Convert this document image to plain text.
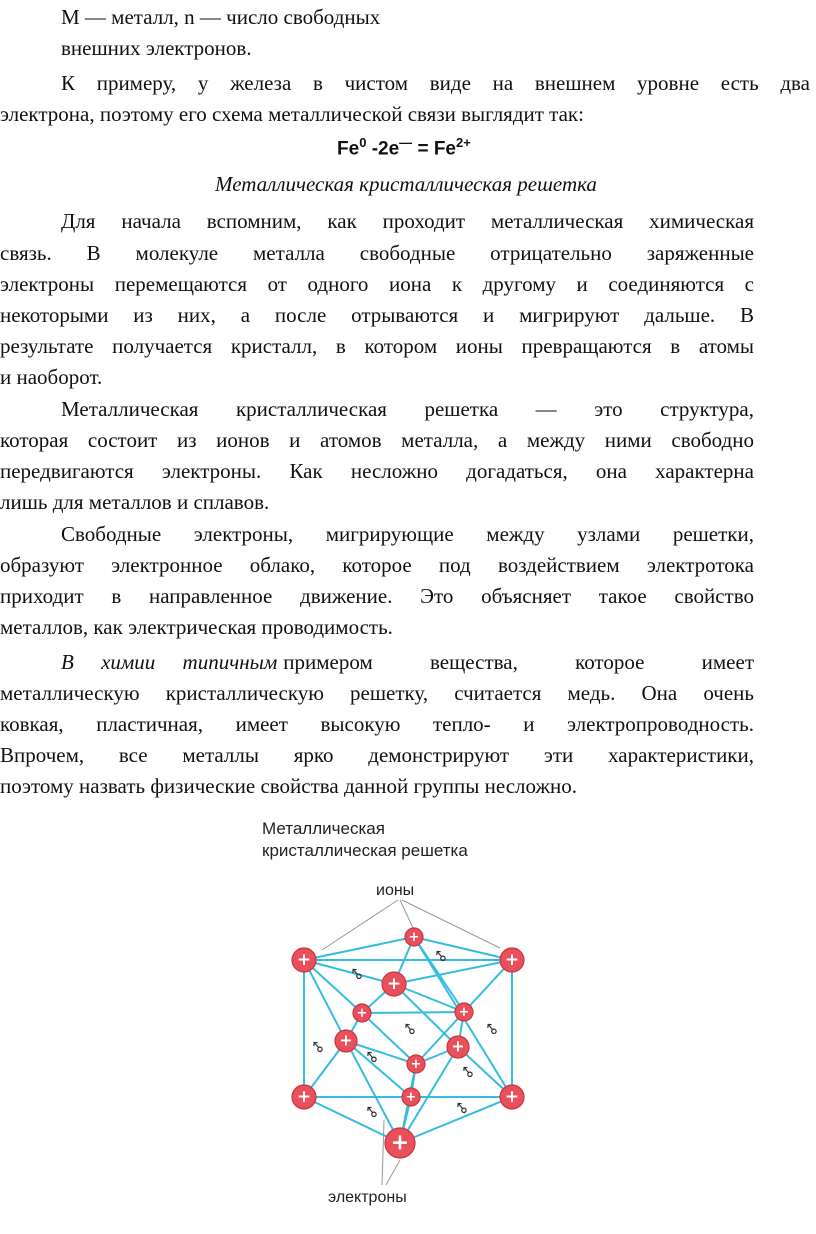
М — металл, n — число свободных
внешних электронов.
К примеру, у железа в чистом виде на внешнем уровне есть два
электрона, поэтому его схема металлической связи выглядит так:
Fe$^0$ $-2e^— = Fe^{2+}$
Металлическая кристаллическая решетка
Для начала вспомним, как проходит металлическая химическая
связь. В молекуле металла свободные отрицательно заряженные
электроны перемещаются от одного иона к другому и соединяются с
некоторыми из них, а после отрываются и мигрируют дальше. В
результате получается кристалл, в котором ионы превращаются в атомы
и наоборот.
Металлическая кристаллическая решетка — это структура,
которая состоит из ионов и атомов металла, а между ними свободно
передвигаются электроны. Как несложно догадаться, она характерна
лишь для металлов и сплавов.
Свободные электроны, мигрирующие между узлами решетки,
образуют электронное облако, которое под воздействием электротока
приходит в направленное движение. Это объясняет такое свойство
металлов, как электрическая проводимость.
В химии типичным примером вещества, которое имеет
металлическую кристаллическую решетку, считается медь. Она очень
ковкая, пластичная, имеет высокую тепло- и электропроводность.
Впрочем, все металлы ярко демонстрируют эти характеристики,
поэтому назвать физические свойства данной группы несложно.
Металлическая
кристаллическая решетка
ионы
электроны
+
+
+
+
+	+
+	+
+
+	+	+
+
